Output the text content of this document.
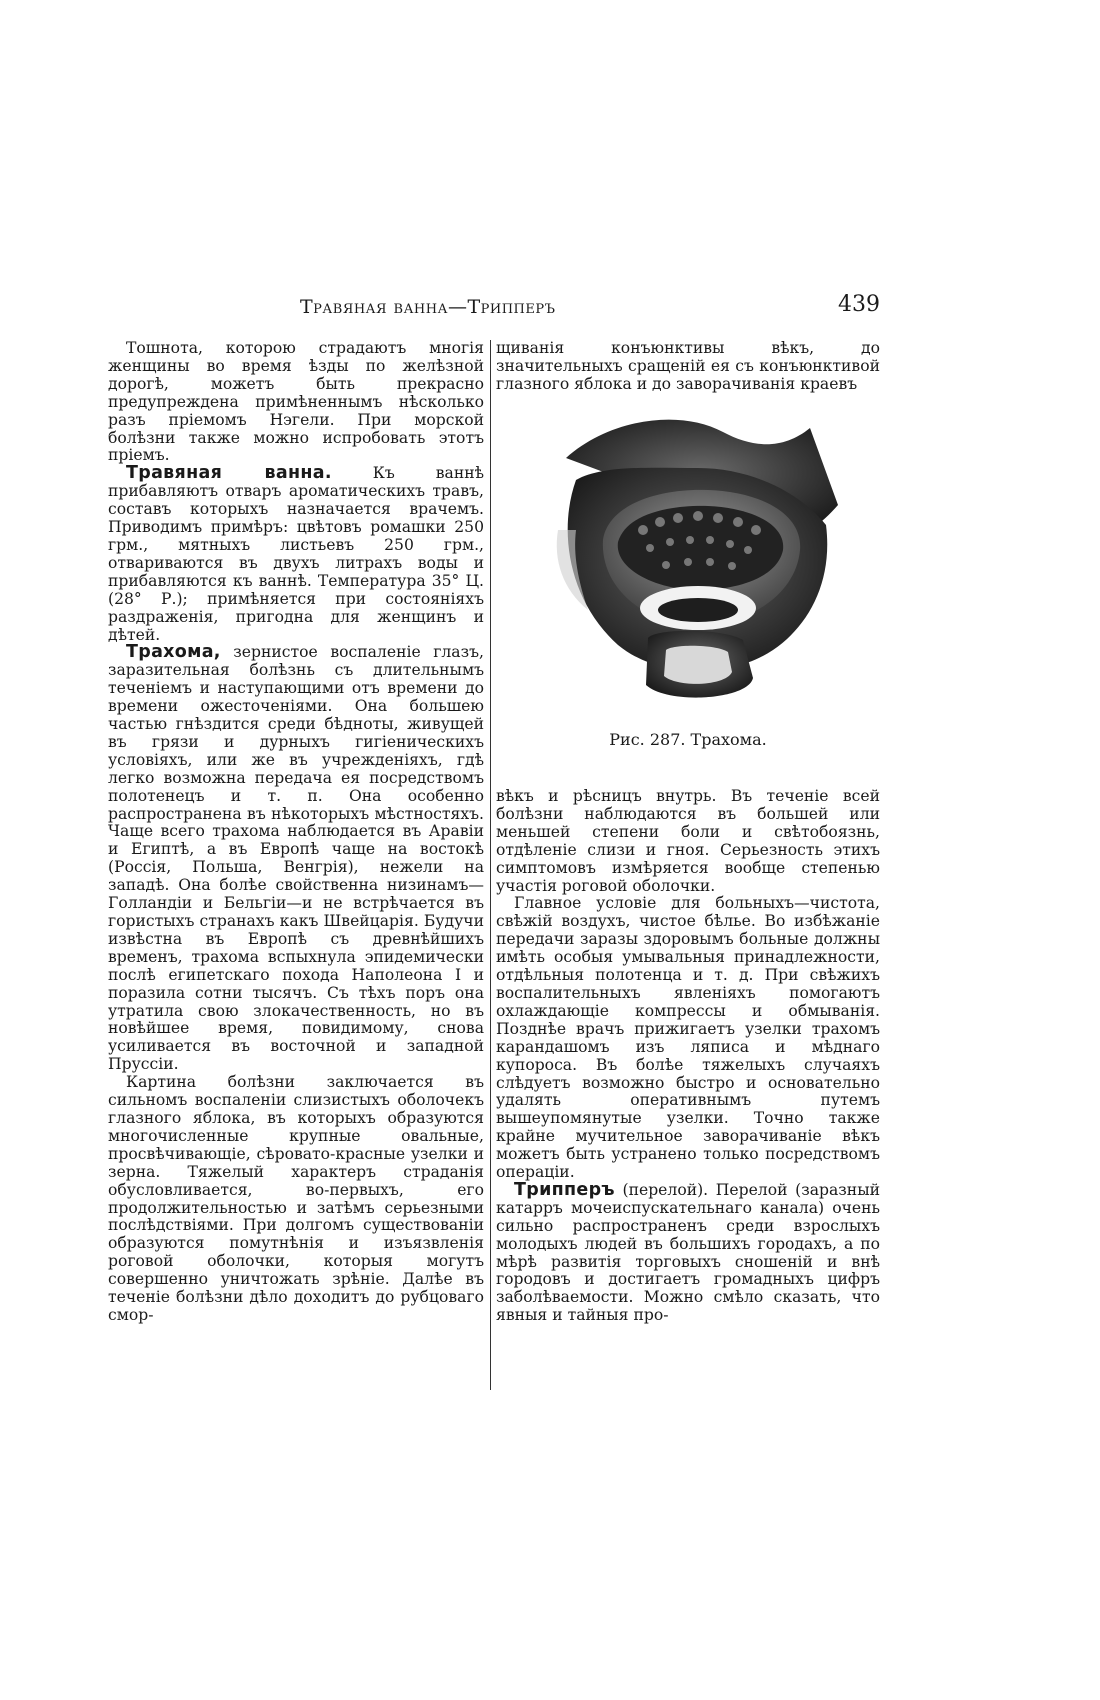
Травяная ванна—Трипперъ	439

Тошнота, которою страдаютъ многія женщины во время ѣзды по желѣзной дорогѣ, можетъ быть прекрасно предупреждена примѣненнымъ нѣсколько разъ пріемомъ Нэгели. При морской болѣзни также можно испробовать этотъ пріемъ.

Травяная ванна. Къ ваннѣ прибавляютъ отваръ ароматическихъ травъ, составъ которыхъ назначается врачемъ. Приводимъ примѣръ: цвѣтовъ ромашки 250 грм., мятныхъ листьевъ 250 грм., отвариваются въ двухъ литрахъ воды и прибавляются къ ваннѣ. Температура 35° Ц. (28° Р.); примѣняется при состояніяхъ раздраженія, пригодна для женщинъ и дѣтей.

Трахома, зернистое воспаленіе глазъ, заразительная болѣзнь съ длительнымъ теченіемъ и наступающими отъ времени до времени ожесточеніями. Она большею частью гнѣздится среди бѣдноты, живущей въ грязи и дурныхъ гигіеническихъ условіяхъ, или же въ учрежденіяхъ, гдѣ легко возможна передача ея посредствомъ полотенецъ и т. п. Она особенно распространена въ нѣкоторыхъ мѣстностяхъ. Чаще всего трахома наблюдается въ Аравіи и Египтѣ, а въ Европѣ чаще на востокѣ (Россія, Польша, Венгрія), нежели на западѣ. Она болѣе свойственна низинамъ—Голландіи и Бельгіи—и не встрѣчается въ гористыхъ странахъ какъ Швейцарія. Будучи извѣстна въ Европѣ съ древнѣйшихъ временъ, трахома вспыхнула эпидемически послѣ египетскаго похода Наполеона I и поразила сотни тысячъ. Съ тѣхъ поръ она утратила свою злокачественность, но въ новѣйшее время, повидимому, снова усиливается въ восточной и западной Пруссіи.

Картина болѣзни заключается въ сильномъ воспаленіи слизистыхъ оболочекъ глазного яблока, въ которыхъ образуются многочисленные крупные овальные, просвѣчивающіе, сѣровато-красные узелки и зерна. Тяжелый характеръ страданія обусловливается, во-первыхъ, его продолжительностью и затѣмъ серьезными послѣдствіями. При долгомъ существованіи образуются помутнѣнія и изъязвленія роговой оболочки, которыя могутъ совершенно уничтожать зрѣніе. Далѣе въ теченіе болѣзни дѣло доходитъ до рубцоваго смор-

щиванія конъюнктивы вѣкъ, до значительныхъ сращеній ея съ конъюнктивой глазного яблока и до заворачиванія краевъ

Рис. 287. Трахома.

вѣкъ и рѣсницъ внутрь. Въ теченіе всей болѣзни наблюдаются въ большей или меньшей степени боли и свѣтобоязнь, отдѣленіе слизи и гноя. Серьезность этихъ симптомовъ измѣряется вообще степенью участія роговой оболочки.

Главное условіе для больныхъ—чистота, свѣжій воздухъ, чистое бѣлье. Во избѣжаніе передачи заразы здоровымъ больные должны имѣть особыя умывальныя принадлежности, отдѣльныя полотенца и т. д. При свѣжихъ воспалительныхъ явленіяхъ помогаютъ охлаждающіе компрессы и обмыванія. Позднѣе врачъ прижигаетъ узелки трахомъ карандашомъ изъ ляписа и мѣднаго купороса. Въ болѣе тяжелыхъ случаяхъ слѣдуетъ возможно быстро и основательно удалять оперативнымъ путемъ вышеупомянутые узелки. Точно также крайне мучительное заворачиваніе вѣкъ можетъ быть устранено только посредствомъ операціи.

Трипперъ (перелой). Перелой (заразный катарръ мочеиспускательнаго канала) очень сильно распространенъ среди взрослыхъ молодыхъ людей въ большихъ городахъ, а по мѣрѣ развитія торговыхъ сношеній и внѣ городовъ и достигаетъ громадныхъ цифръ заболѣваемости. Можно смѣло сказать, что явныя и тайныя про-
